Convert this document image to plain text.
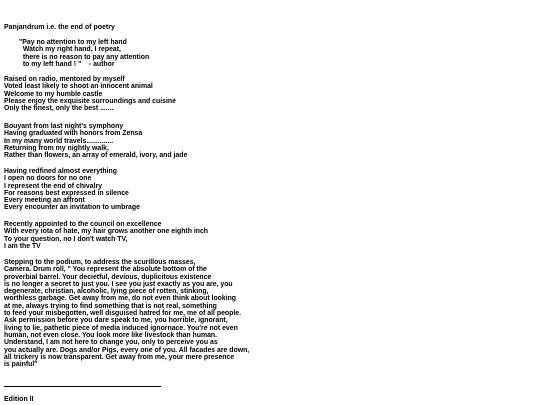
Panjandrum i.e. the end of poetry
"Pay no attention to my left hand
Watch my right hand, I repeat,
there is no reason to pay any attention
to my left hand ! "    - author
Raised on radio, mentored by myself
Voted least likely to shoot an innocent animal
Welcome to my humble castle
Please enjoy the exquisite surroundings and cuisine
Only the finest, only the best .......
Bouyant from last night's symphony
Having graduated with honors from Zensa
In my many world travels..............
Returning from my nightly walk,
Rather than flowers, an array of emerald, ivory, and jade
Having redfined almost everything
I open no doors for no one
I represent the end of chivalry
For reasons best expressed in silence
Every meeting an affront
Every encounter an invitation to umbrage
Recently appointed to the council on excellence
With every iota of hate, my hair grows another one eighth inch
To your question, no I don't watch TV,
I am the TV
Stepping to the podium, to address the scurillous masses,
Camera. Drum roll, " You represent the absolute bottom of the
proverbial barrel. Your decietful, devious, duplicitous existence
is no longer a secret to just you. I see you just exactly as you are, you
degenerate, christian, alcoholic, lying piece of rotten, stinking,
worthless garbage. Get away from me, do not even think about looking
at me, always trying to find something that is not real, something
to feed your misbegotten, well disguised hatred for me, me of all people.
Ask permission before you dare speak to me, you horrible, ignorant,
living to lie, pathetic piece of media induced ignornace. You're not even
human, not even close. You look more like livestock than human.
Understand, I am not here to change you, only to perceive you as
you actually are. Dogs and/or Pigs, every one of you. All facades are down,
all trickery is now transparent. Get away from me, your mere presence
is painful"
Edition II
